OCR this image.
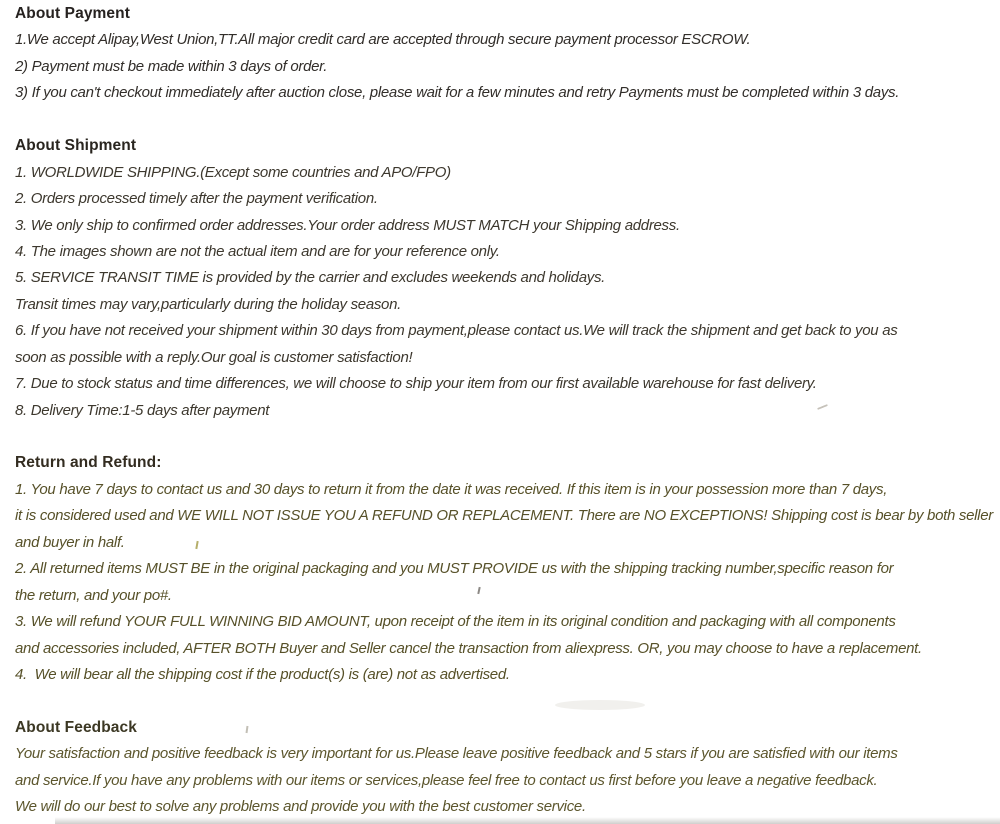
About Payment
1.We accept Alipay,West Union,TT.All major credit card are accepted through secure payment processor ESCROW.
2) Payment must be made within 3 days of order.
3) If you can't checkout immediately after auction close, please wait for a few minutes and retry Payments must be completed within 3 days.
About Shipment
1. WORLDWIDE SHIPPING.(Except some countries and APO/FPO)
2. Orders processed timely after the payment verification.
3. We only ship to confirmed order addresses.Your order address MUST MATCH your Shipping address.
4. The images shown are not the actual item and are for your reference only.
5. SERVICE TRANSIT TIME is provided by the carrier and excludes weekends and holidays.
Transit times may vary,particularly during the holiday season.
6. If you have not received your shipment within 30 days from payment,please contact us.We will track the shipment and get back to you as
soon as possible with a reply.Our goal is customer satisfaction!
7. Due to stock status and time differences, we will choose to ship your item from our first available warehouse for fast delivery.
8. Delivery Time:1-5 days after payment
Return and Refund:
1. You have 7 days to contact us and 30 days to return it from the date it was received. If this item is in your possession more than 7 days,
it is considered used and WE WILL NOT ISSUE YOU A REFUND OR REPLACEMENT. There are NO EXCEPTIONS! Shipping cost is bear by both seller
and buyer in half.
2. All returned items MUST BE in the original packaging and you MUST PROVIDE us with the shipping tracking number,specific reason for
the return, and your po#.
3. We will refund YOUR FULL WINNING BID AMOUNT, upon receipt of the item in its original condition and packaging with all components
and accessories included, AFTER BOTH Buyer and Seller cancel the transaction from aliexpress. OR, you may choose to have a replacement.
4.  We will bear all the shipping cost if the product(s) is (are) not as advertised.
About Feedback
Your satisfaction and positive feedback is very important for us.Please leave positive feedback and 5 stars if you are satisfied with our items
and service.If you have any problems with our items or services,please feel free to contact us first before you leave a negative feedback.
We will do our best to solve any problems and provide you with the best customer service.
